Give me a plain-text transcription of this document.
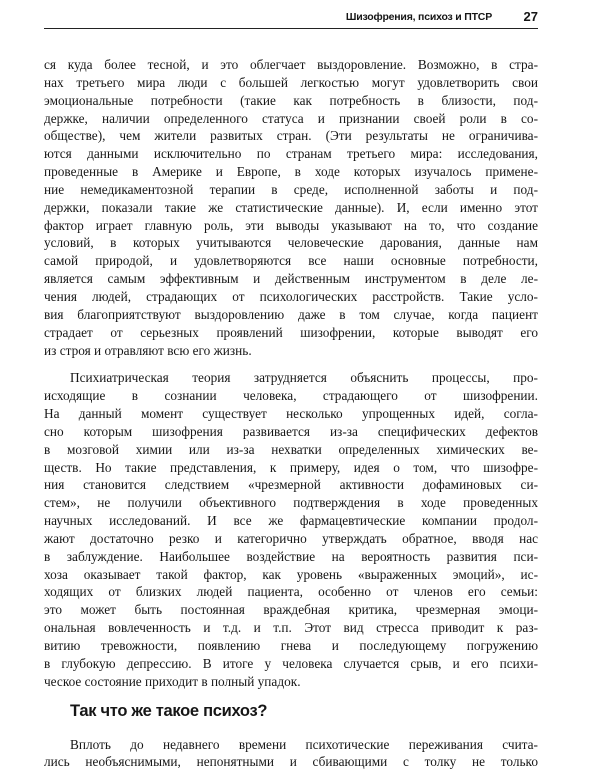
Шизофрения, психоз и ПТСР 27
ся куда более тесной, и это облегчает выздоровление. Возможно, в стра-
нах третьего мира люди с большей легкостью могут удовлетворить свои
эмоциональные потребности (такие как потребность в близости, под-
держке, наличии определенного статуса и признании своей роли в со-
обществе), чем жители развитых стран. (Эти результаты не ограничива-
ются данными исключительно по странам третьего мира: исследования,
проведенные в Америке и Европе, в ходе которых изучалось примене-
ние немедикаментозной терапии в среде, исполненной заботы и под-
держки, показали такие же статистические данные). И, если именно этот
фактор играет главную роль, эти выводы указывают на то, что создание
условий, в которых учитываются человеческие дарования, данные нам
самой природой, и удовлетворяются все наши основные потребности,
является самым эффективным и действенным инструментом в деле ле-
чения людей, страдающих от психологических расстройств. Такие усло-
вия благоприятствуют выздоровлению даже в том случае, когда пациент
страдает от серьезных проявлений шизофрении, которые выводят его
из строя и отравляют всю его жизнь.
Психиатрическая теория затрудняется объяснить процессы, про-
исходящие в сознании человека, страдающего от шизофрении.
На данный момент существует несколько упрощенных идей, согла-
сно которым шизофрения развивается из-за специфических дефектов
в мозговой химии или из-за нехватки определенных химических ве-
ществ. Но такие представления, к примеру, идея о том, что шизофре-
ния становится следствием «чрезмерной активности дофаминовых си-
стем», не получили объективного подтверждения в ходе проведенных
научных исследований. И все же фармацевтические компании продол-
жают достаточно резко и категорично утверждать обратное, вводя нас
в заблуждение. Наибольшее воздействие на вероятность развития пси-
хоза оказывает такой фактор, как уровень «выраженных эмоций», ис-
ходящих от близких людей пациента, особенно от членов его семьи:
это может быть постоянная враждебная критика, чрезмерная эмоци-
ональная вовлеченность и т.д. и т.п. Этот вид стресса приводит к раз-
витию тревожности, появлению гнева и последующему погружению
в глубокую депрессию. В итоге у человека случается срыв, и его психи-
ческое состояние приходит в полный упадок.
Так что же такое психоз?
Вплоть до недавнего времени психотические переживания счита-
лись необъяснимыми, непонятными и сбивающими с толку не только
